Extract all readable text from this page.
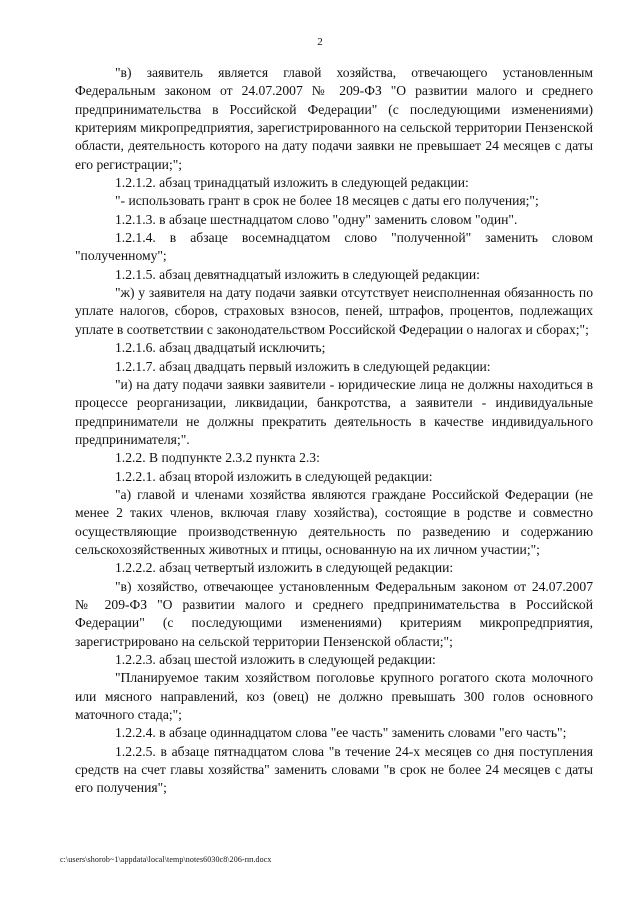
2

"в) заявитель является главой хозяйства, отвечающего установленным Федеральным законом от 24.07.2007 № 209-ФЗ "О развитии малого и среднего предпринимательства в Российской Федерации" (с последующими изменениями) критериям микропредприятия, зарегистрированного на сельской территории Пензенской области, деятельность которого на дату подачи заявки не превышает 24 месяцев с даты его регистрации;";

1.2.1.2. абзац тринадцатый изложить в следующей редакции:

"- использовать грант в срок не более 18 месяцев с даты его получения;";

1.2.1.3. в абзаце шестнадцатом слово "одну" заменить словом "один".

1.2.1.4. в абзаце восемнадцатом слово "полученной" заменить словом "полученному";

1.2.1.5. абзац девятнадцатый изложить в следующей редакции:

"ж) у заявителя на дату подачи заявки отсутствует неисполненная обязанность по уплате налогов, сборов, страховых взносов, пеней, штрафов, процентов, подлежащих уплате в соответствии с законодательством Российской Федерации о налогах и сборах;";

1.2.1.6. абзац двадцатый исключить;

1.2.1.7. абзац двадцать первый изложить в следующей редакции:

"и) на дату подачи заявки заявители - юридические лица не должны находиться в процессе реорганизации, ликвидации, банкротства, а заявители - индивидуальные предприниматели не должны прекратить деятельность в качестве индивидуального предпринимателя;".

1.2.2. В подпункте 2.3.2 пункта 2.3:

1.2.2.1. абзац второй изложить в следующей редакции:

"а) главой и членами хозяйства являются граждане Российской Федерации (не менее 2 таких членов, включая главу хозяйства), состоящие в родстве и совместно осуществляющие производственную деятельность по разведению и содержанию сельскохозяйственных животных и птицы, основанную на их личном участии;";

1.2.2.2. абзац четвертый изложить в следующей редакции:

"в) хозяйство, отвечающее установленным Федеральным законом от 24.07.2007 № 209-ФЗ "О развитии малого и среднего предпринимательства в Российской Федерации" (с последующими изменениями) критериям микропредприятия, зарегистрировано на сельской территории Пензенской области;";

1.2.2.3. абзац шестой изложить в следующей редакции:

"Планируемое таким хозяйством поголовье крупного рогатого скота молочного или мясного направлений, коз (овец) не должно превышать 300 голов основного маточного стада;";

1.2.2.4. в абзаце одиннадцатом слова "ее часть" заменить словами "его часть";

1.2.2.5. в абзаце пятнадцатом слова "в течение 24-х месяцев со дня поступления средств на счет главы хозяйства" заменить словами "в срок не более 24 месяцев с даты его получения";

c:\users\shorob~1\appdata\local\temp\notes6030c8\206-пп.docx
